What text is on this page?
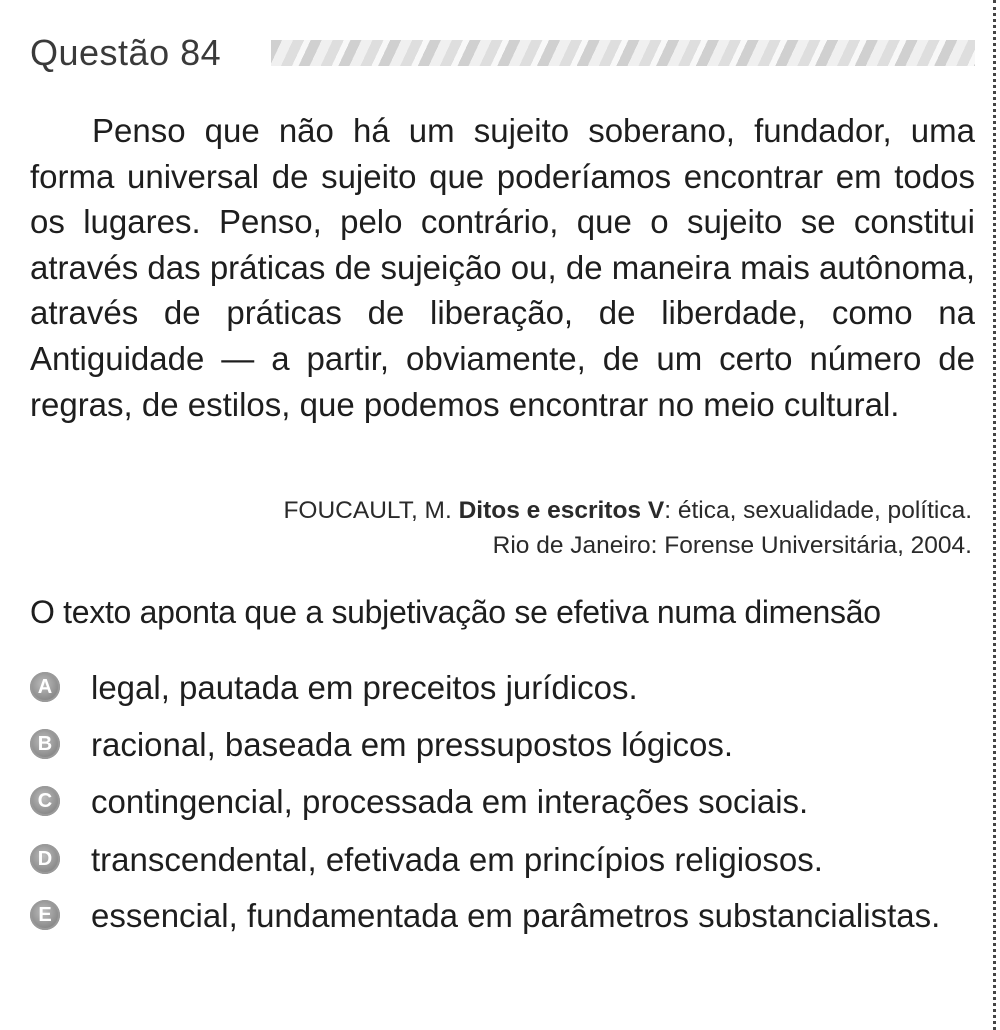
Questão 84

Penso que não há um sujeito soberano, fundador, uma forma universal de sujeito que poderíamos encontrar em todos os lugares. Penso, pelo contrário, que o sujeito se constitui através das práticas de sujeição ou, de maneira mais autônoma, através de práticas de liberação, de liberdade, como na Antiguidade — a partir, obviamente, de um certo número de regras, de estilos, que podemos encontrar no meio cultural.

FOUCAULT, M. Ditos e escritos V: ética, sexualidade, política.
Rio de Janeiro: Forense Universitária, 2004.
O texto aponta que a subjetivação se efetiva numa dimensão
A legal, pautada em preceitos jurídicos.
B racional, baseada em pressupostos lógicos.
C contingencial, processada em interações sociais.
D transcendental, efetivada em princípios religiosos.
E essencial, fundamentada em parâmetros substancialistas.
